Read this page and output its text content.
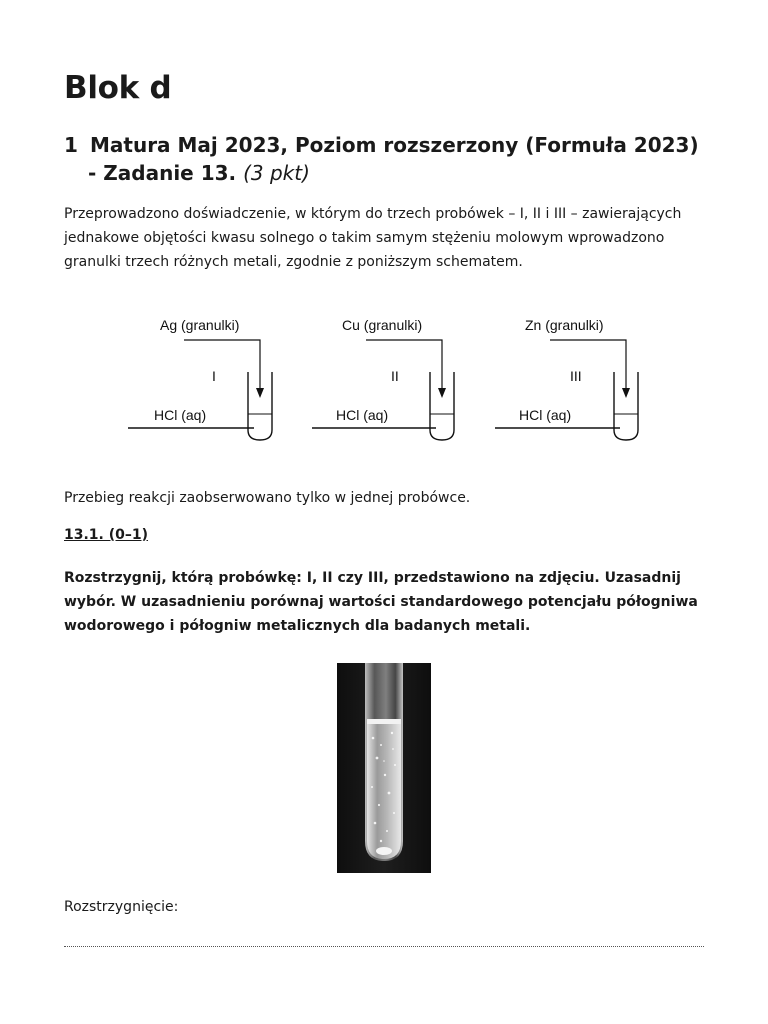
Blok d
1 Matura Maj 2023, Poziom rozszerzony (Formuła 2023)
- Zadanie 13. (3 pkt)

Przeprowadzono doświadczenie, w którym do trzech probówek – I, II i III – zawierających jednakowe objętości kwasu solnego o takim samym stężeniu molowym wprowadzono granulki trzech różnych metali, zgodnie z poniższym schematem.

Ag (granulki)
I
HCl (aq)
Cu (granulki)
II
HCl (aq)
Zn (granulki)
III
HCl (aq)

Przebieg reakcji zaobserwowano tylko w jednej probówce.

13.1. (0–1)

Rozstrzygnij, którą probówkę: I, II czy III, przedstawiono na zdjęciu. Uzasadnij wybór. W uzasadnieniu porównaj wartości standardowego potencjału półogniwa wodorowego i półogniw metalicznych dla badanych metali.

Rozstrzygnięcie:
